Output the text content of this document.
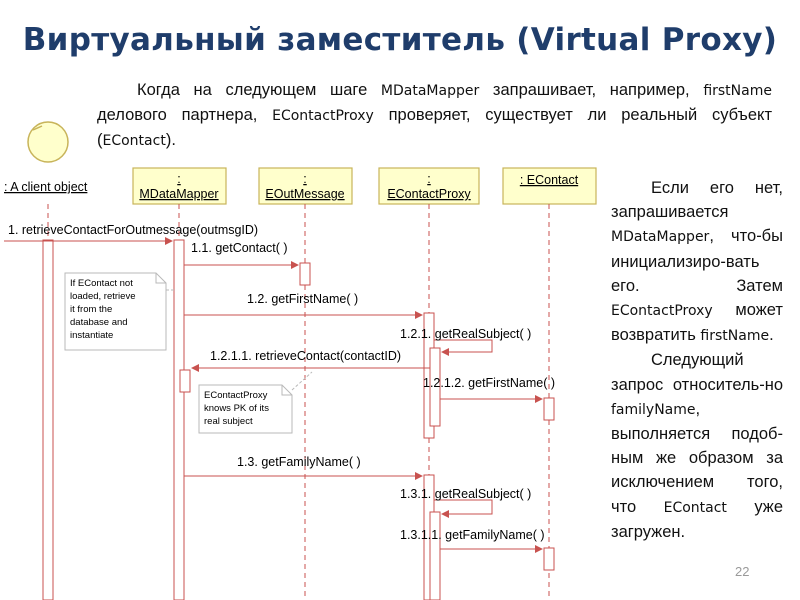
Виртуальный заместитель (Virtual Proxy)
Когда на следующем шаге MDataMapper запрашивает, например, firstName делового партнера, EContactProxy проверяет, существует ли реальный субъект (EContact).

Если его нет, запрашивается MDataMapper, что-бы инициализиро-вать его. Затем EContactProxy может возвратить firstName.

Следующий запрос относитель-но familyName, выполняется подоб-ным же образом за исключением того, что EContact уже загружен.

: A client object
:
MDataMapper
:
EOutMessage
:
EContactProxy
: EContact
1. retrieveContactForOutmessage(outmsgID)
1.1. getContact( )
1.2. getFirstName( )
1.2.1. getRealSubject( )
1.2.1.1. retrieveContact(contactID)
1.2.1.2. getFirstName( )
1.3. getFamilyName( )
1.3.1. getRealSubject( )
1.3.1.1. getFamilyName( )
If EContact not
loaded, retrieve
it from the
database and
instantiate
EContactProxy
knows PK of its
real subject
22
